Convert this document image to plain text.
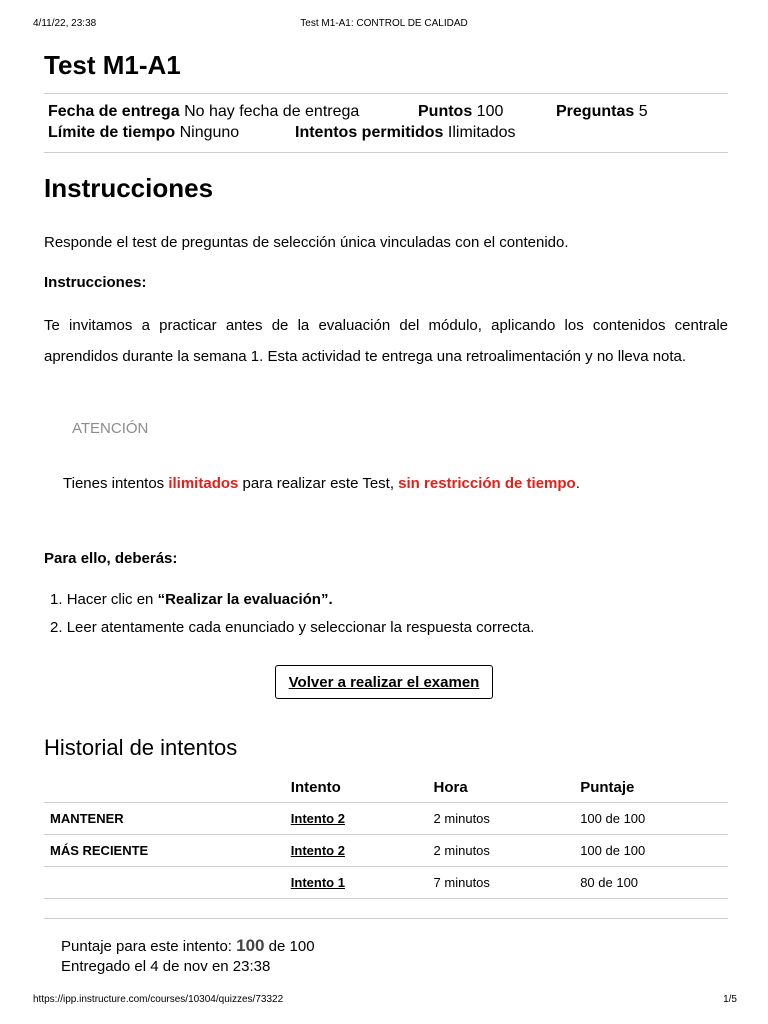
4/11/22, 23:38	Test M1-A1: CONTROL DE CALIDAD
Test M1-A1
Fecha de entrega No hay fecha de entrega	Puntos 100	Preguntas 5
Límite de tiempo Ninguno	Intentos permitidos Ilimitados
Instrucciones
Responde el test de preguntas de selección única vinculadas con el contenido.
Instrucciones:
Te invitamos a practicar antes de la evaluación del módulo, aplicando los contenidos centrale
aprendidos durante la semana 1. Esta actividad te entrega una retroalimentación y no lleva nota.
ATENCIÓN
Tienes intentos ilimitados para realizar este Test, sin restricción de tiempo.
Para ello, deberás:
1. Hacer clic en “Realizar la evaluación”.
2. Leer atentamente cada enunciado y seleccionar la respuesta correcta.
Volver a realizar el examen
Historial de intentos
	Intento	Hora	Puntaje
MANTENER	Intento 2	2 minutos	100 de 100
MÁS RECIENTE	Intento 2	2 minutos	100 de 100
	Intento 1	7 minutos	80 de 100
Puntaje para este intento: 100 de 100
Entregado el 4 de nov en 23:38
https://ipp.instructure.com/courses/10304/quizzes/73322	1/5
